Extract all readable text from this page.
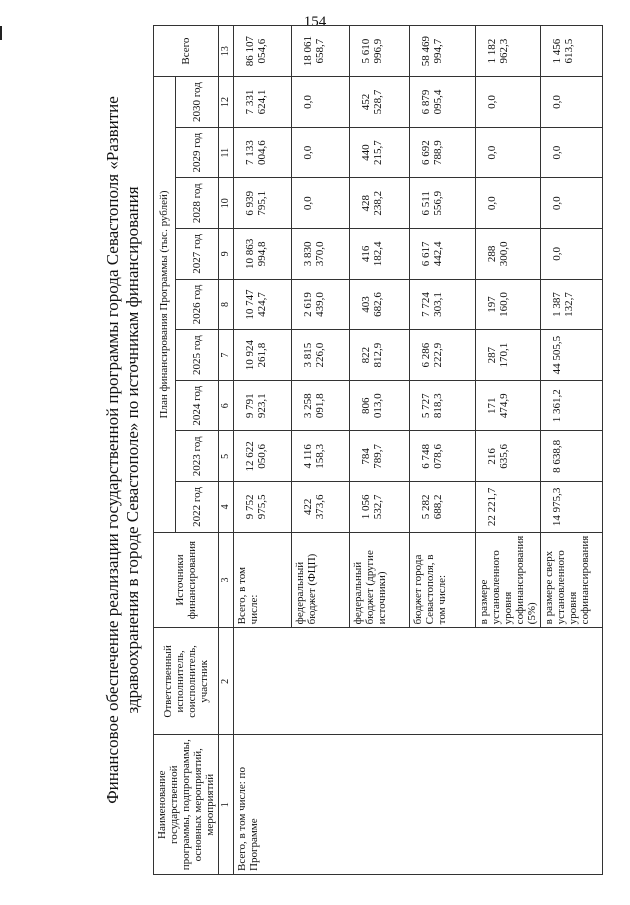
154
Финансовое обеспечение реализации государственной программы города Севастополя «Развитие здравоохранения в городе Севастополе» по источникам финансирования
Наименование государственной программы, подпрограммы, основных мероприятий, мероприятий	Ответственный исполнитель, соисполнитель, участник	Источники финансирования	План финансирования Программы (тыс. рублей)									Всего
			2022 год	2023 год	2024 год	2025 год	2026 год	2027 год	2028 год	2029 год	2030 год	
1	2	3	4	5	6	7	8	9	10	11	12	13
Всего, в том числе: по Программе		Всего, в том числе:	9 752 975,5	12 622 050,6	9 791 923,1	10 924 261,8	10 747 424,7	10 863 994,8	6 939 795,1	7 133 004,6	7 331 624,1	86 107 054,6
		федеральный бюджет (ФЦП)	422 373,6	4 116 158,3	3 258 091,8	3 815 226,0	2 619 439,0	3 830 370,0	0,0	0,0	0,0	18 061 658,7
		федеральный бюджет (другие источники)	1 056 532,7	784 789,7	806 013,0	822 812,9	403 682,6	416 182,4	428 238,2	440 215,7	452 528,7	5 610 996,9
		бюджет города Севастополя, в том числе:	5 282 688,2	6 748 078,6	5 727 818,3	6 286 222,9	7 724 303,1	6 617 442,4	6 511 556,9	6 692 788,9	6 879 095,4	58 469 994,7
		в размере установленного уровня софинансирования (5%)	22 221,7	216 635,6	171 474,9	287 170,1	197 160,0	288 300,0	0,0	0,0	0,0	1 182 962,3
		в размере сверх установленного уровня софинансирования	14 975,3	8 638,8	1 361,2	44 505,5	1 387 132,7	0,0	0,0	0,0	0,0	1 456 613,5
